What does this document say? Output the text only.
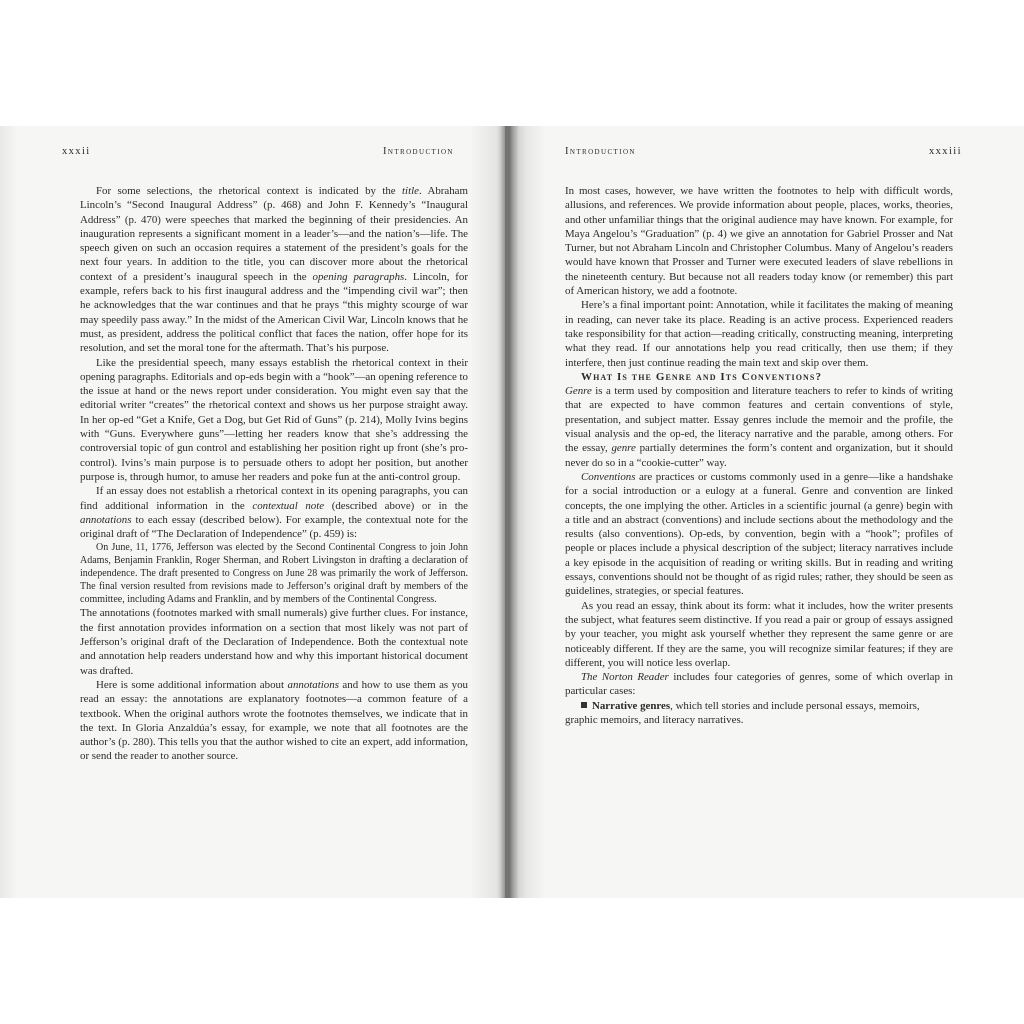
xxxii	Introduction

For some selections, the rhetorical context is indicated by the title. Abraham Lincoln’s “Second Inaugural Address” (p. 468) and John F. Kennedy’s “Inaugural Address” (p. 470) were speeches that marked the beginning of their presidencies. An inauguration represents a significant moment in a leader’s—and the nation’s—life. The speech given on such an occasion requires a statement of the president’s goals for the next four years. In addition to the title, you can discover more about the rhetorical context of a president’s inaugural speech in the opening paragraphs. Lincoln, for example, refers back to his first inaugural address and the “impending civil war”; then he acknowledges that the war continues and that he prays “this mighty scourge of war may speedily pass away.” In the midst of the American Civil War, Lincoln knows that he must, as president, address the political conflict that faces the nation, offer hope for its resolution, and set the moral tone for the aftermath. That’s his purpose.

Like the presidential speech, many essays establish the rhetorical context in their opening paragraphs. Editorials and op-eds begin with a “hook”—an opening reference to the issue at hand or the news report under consideration. You might even say that the editorial writer “creates” the rhetorical context and shows us her purpose straight away. In her op-ed “Get a Knife, Get a Dog, but Get Rid of Guns” (p. 214), Molly Ivins begins with “Guns. Everywhere guns”—letting her readers know that she’s addressing the controversial topic of gun control and establishing her position right up front (she’s pro-control). Ivins’s main purpose is to persuade others to adopt her position, but another purpose is, through humor, to amuse her readers and poke fun at the anti-control group.

If an essay does not establish a rhetorical context in its opening paragraphs, you can find additional information in the contextual note (described above) or in the annotations to each essay (described below). For example, the contextual note for the original draft of “The Declaration of Independence” (p. 459) is:

On June, 11, 1776, Jefferson was elected by the Second Continental Congress to join John Adams, Benjamin Franklin, Roger Sherman, and Robert Livingston in drafting a declaration of independence. The draft presented to Congress on June 28 was primarily the work of Jefferson. The final version resulted from revisions made to Jefferson’s original draft by members of the committee, including Adams and Franklin, and by members of the Continental Congress.

The annotations (footnotes marked with small numerals) give further clues. For instance, the first annotation provides information on a section that most likely was not part of Jefferson’s original draft of the Declaration of Independence. Both the contextual note and annotation help readers understand how and why this important historical document was drafted.

Here is some additional information about annotations and how to use them as you read an essay: the annotations are explanatory footnotes—a common feature of a textbook. When the original authors wrote the footnotes themselves, we indicate that in the text. In Gloria Anzaldúa’s essay, for example, we note that all footnotes are the author’s (p. 280). This tells you that the author wished to cite an expert, add information, or send the reader to another source.

Introduction	xxxiii

In most cases, however, we have written the footnotes to help with difficult words, allusions, and references. We provide information about people, places, works, theories, and other unfamiliar things that the original audience may have known. For example, for Maya Angelou’s “Graduation” (p. 4) we give an annotation for Gabriel Prosser and Nat Turner, but not Abraham Lincoln and Christopher Columbus. Many of Angelou’s readers would have known that Prosser and Turner were executed leaders of slave rebellions in the nineteenth century. But because not all readers today know (or remember) this part of American history, we add a footnote.

Here’s a final important point: Annotation, while it facilitates the making of meaning in reading, can never take its place. Reading is an active process. Experienced readers take responsibility for that action—reading critically, constructing meaning, interpreting what they read. If our annotations help you read critically, then use them; if they interfere, then just continue reading the main text and skip over them.

What Is the Genre and Its Conventions?

Genre is a term used by composition and literature teachers to refer to kinds of writing that are expected to have common features and certain conventions of style, presentation, and subject matter. Essay genres include the memoir and the profile, the visual analysis and the op-ed, the literacy narrative and the parable, among others. For the essay, genre partially determines the form’s content and organization, but it should never do so in a “cookie-cutter” way.

Conventions are practices or customs commonly used in a genre—like a handshake for a social introduction or a eulogy at a funeral. Genre and convention are linked concepts, the one implying the other. Articles in a scientific journal (a genre) begin with a title and an abstract (conventions) and include sections about the methodology and the results (also conventions). Op-eds, by convention, begin with a “hook”; profiles of people or places include a physical description of the subject; literacy narratives include a key episode in the acquisition of reading or writing skills. But in reading and writing essays, conventions should not be thought of as rigid rules; rather, they should be seen as guidelines, strategies, or special features.

As you read an essay, think about its form: what it includes, how the writer presents the subject, what features seem distinctive. If you read a pair or group of essays assigned by your teacher, you might ask yourself whether they represent the same genre or are noticeably different. If they are the same, you will recognize similar features; if they are different, you will notice less overlap.

The Norton Reader includes four categories of genres, some of which overlap in particular cases:

Narrative genres, which tell stories and include personal essays, memoirs, graphic memoirs, and literacy narratives.
